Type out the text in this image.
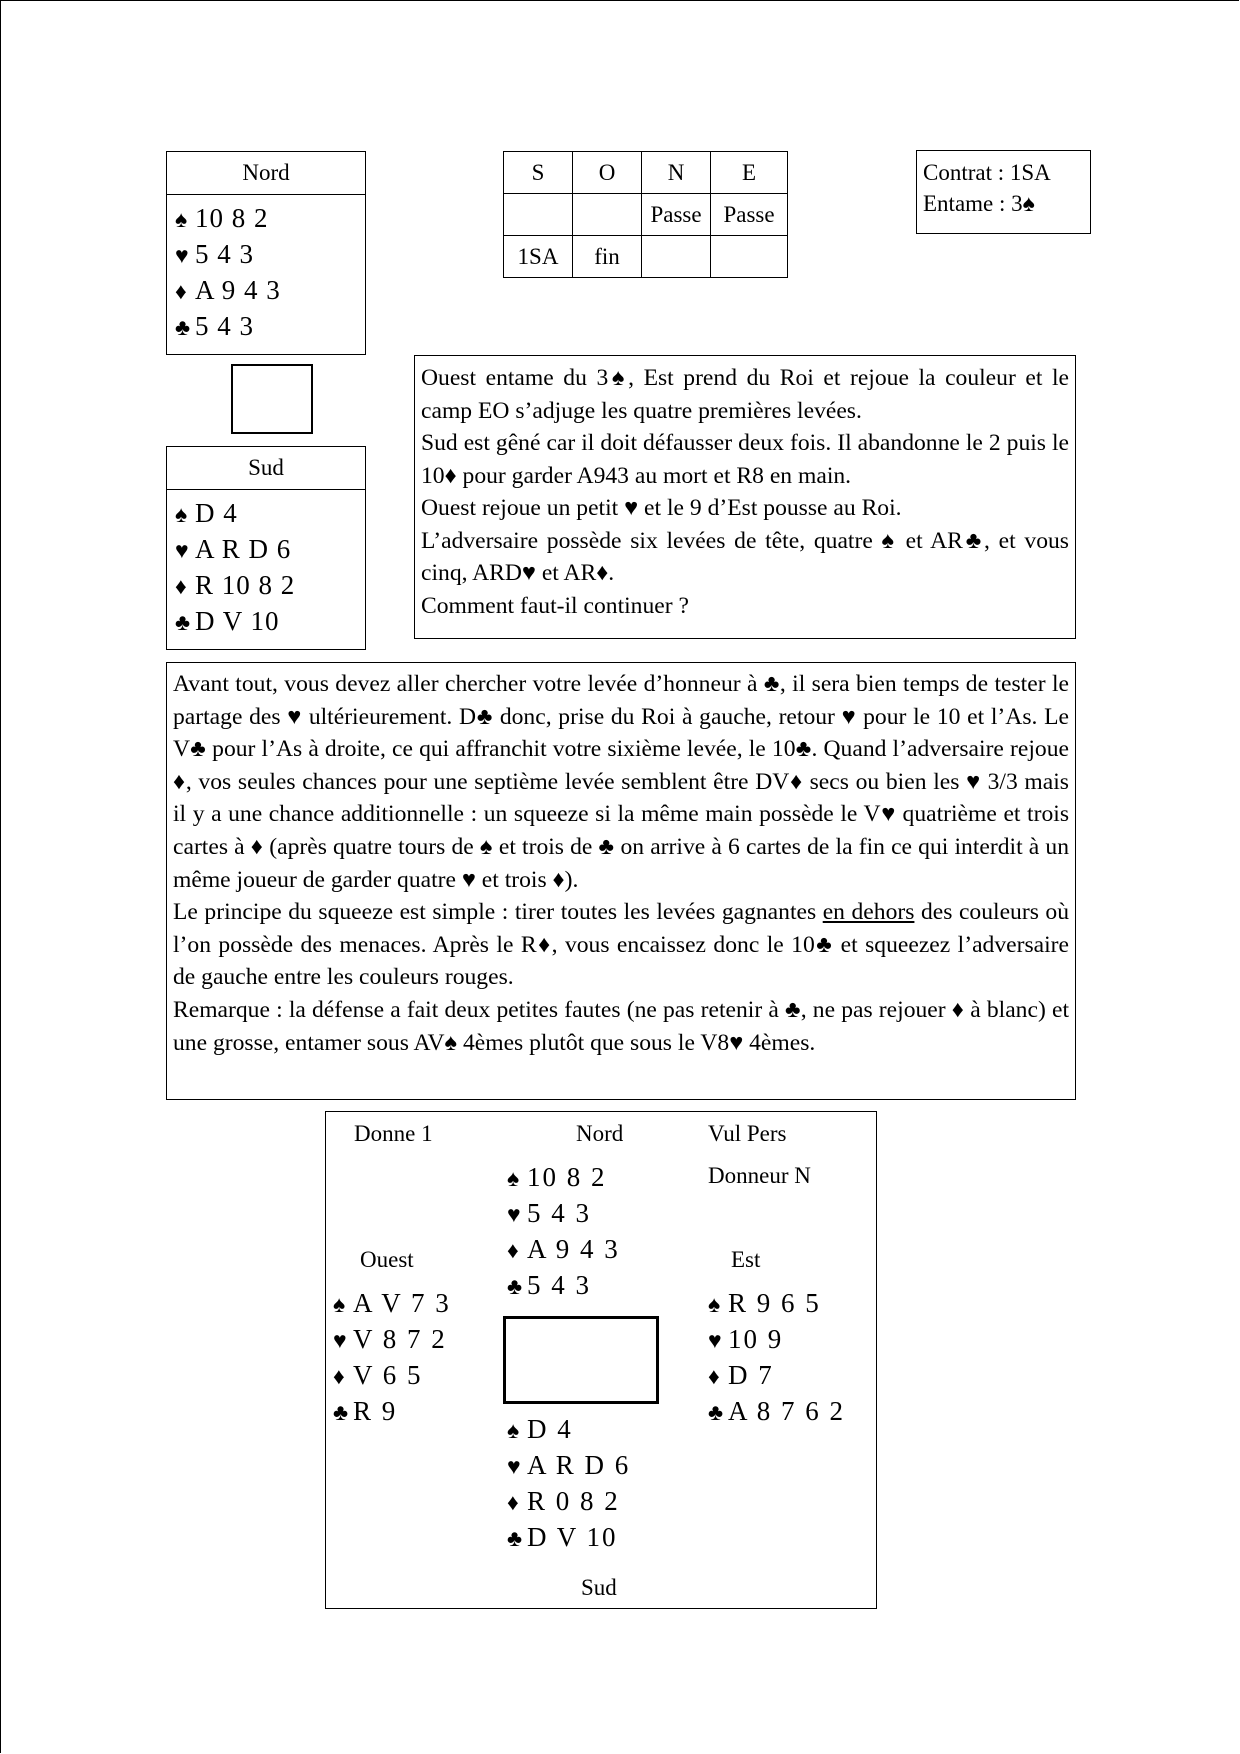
Nord
♠ 10 8 2
♥ 5 4 3
♦ A 9 4 3
♣ 5 4 3
Sud
♠ D 4
♥ A R D 6
♦ R 10 8 2
♣ D V 10
S	O	N	E
		Passe	Passe
1SA	fin		
Contrat : 1SA
Entame : 3♠

Ouest entame du 3♠, Est prend du Roi et rejoue la couleur et le camp EO s’adjuge les quatre premières levées.

Sud est gêné car il doit défausser deux fois. Il abandonne le 2 puis le 10♦ pour garder A943 au mort et R8 en main.

Ouest rejoue un petit ♥ et le 9 d’Est pousse au Roi.

L’adversaire possède six levées de tête, quatre ♠ et AR♣, et vous cinq, ARD♥ et AR♦.

Comment faut-il continuer ?

Avant tout, vous devez aller chercher votre levée d’honneur à ♣, il sera bien temps de tester le partage des ♥ ultérieurement. D♣ donc, prise du Roi à gauche, retour ♥ pour le 10 et l’As. Le V♣ pour l’As à droite, ce qui affranchit votre sixième levée, le 10♣. Quand l’adversaire rejoue ♦, vos seules chances pour une septième levée semblent être DV♦ secs ou bien les ♥ 3/3 mais il y a une chance additionnelle : un squeeze si la même main possède le V♥ quatrième et trois cartes à ♦ (après quatre tours de ♠ et trois de ♣ on arrive à 6 cartes de la fin ce qui interdit à un même joueur de garder quatre ♥ et trois ♦).

Le principe du squeeze est simple : tirer toutes les levées gagnantes en dehors des couleurs où l’on possède des menaces. Après le R♦, vous encaissez donc le 10♣ et squeezez l’adversaire de gauche entre les couleurs rouges.

Remarque : la défense a fait deux petites fautes (ne pas retenir à ♣, ne pas rejouer ♦ à blanc) et une grosse, entamer sous AV♠ 4èmes plutôt que sous le V8♥ 4èmes.

Donne 1	Nord	Vul Pers
Donneur N
Ouest	Est
Sud
♠ 10 8 2
♥ 5 4 3
♦ A 9 4 3
♣ 5 4 3
♠ A V 7 3
♥ V 8 7 2
♦ V 6 5
♣ R 9
♠ R 9 6 5
♥ 10 9
♦ D 7
♣ A 8 7 6 2
♠ D 4
♥ A R D 6
♦ R 0 8 2
♣ D V 10
